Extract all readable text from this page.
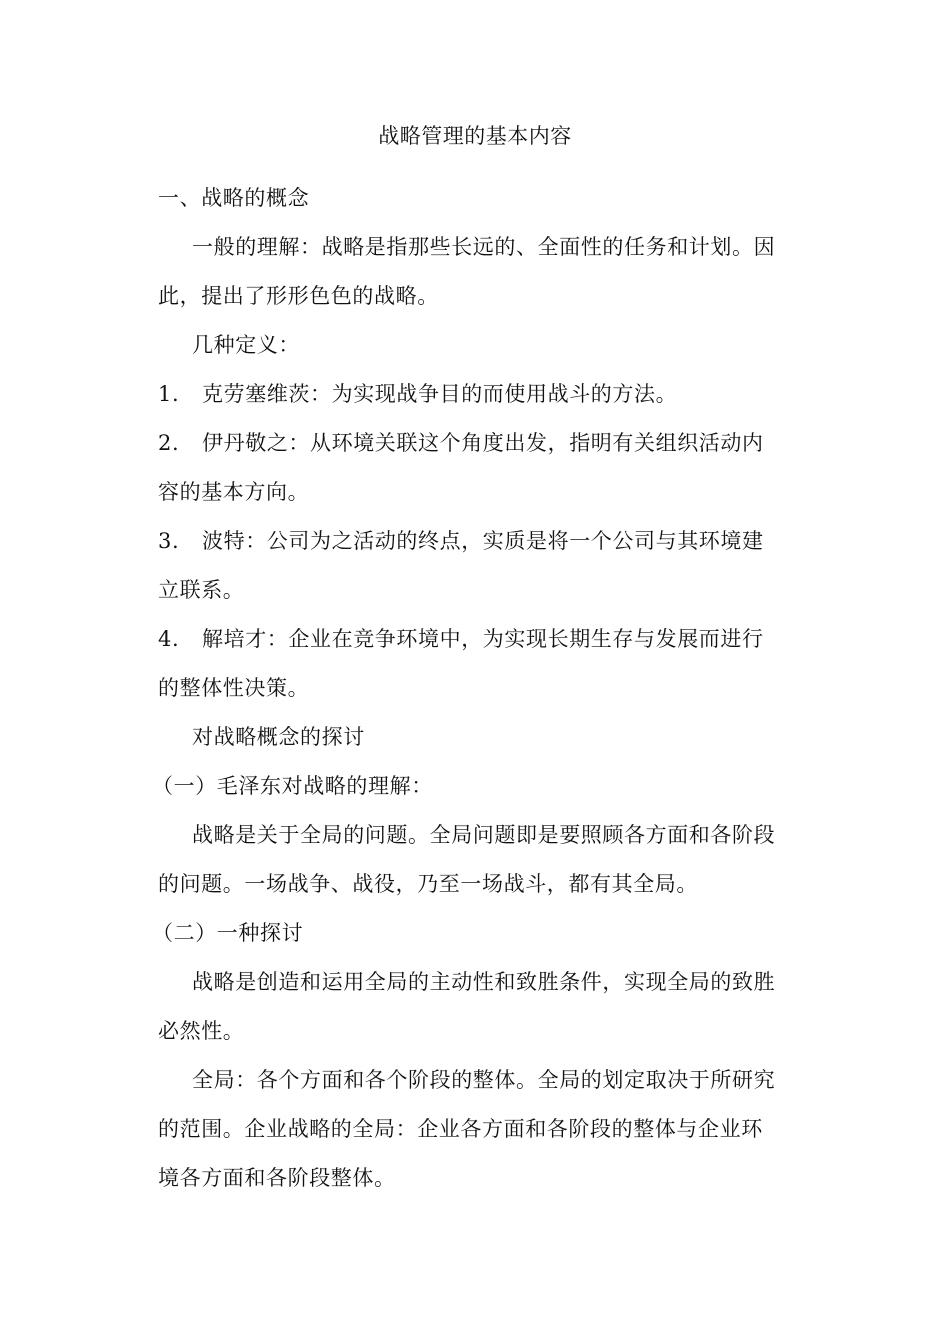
战略管理的基本内容

一、战略的概念

一般的理解：战略是指那些长远的、全面性的任务和计划。因此，提出了形形色色的战略。

几种定义：

1. 克劳塞维茨：为实现战争目的而使用战斗的方法。

2. 伊丹敬之：从环境关联这个角度出发，指明有关组织活动内容的基本方向。

3. 波特：公司为之活动的终点，实质是将一个公司与其环境建立联系。

4. 解培才：企业在竞争环境中，为实现长期生存与发展而进行的整体性决策。

对战略概念的探讨

（一）毛泽东对战略的理解：

战略是关于全局的问题。全局问题即是要照顾各方面和各阶段的问题。一场战争、战役，乃至一场战斗，都有其全局。

（二）一种探讨

战略是创造和运用全局的主动性和致胜条件，实现全局的致胜必然性。

全局：各个方面和各个阶段的整体。全局的划定取决于所研究的范围。企业战略的全局：企业各方面和各阶段的整体与企业环境各方面和各阶段整体。
